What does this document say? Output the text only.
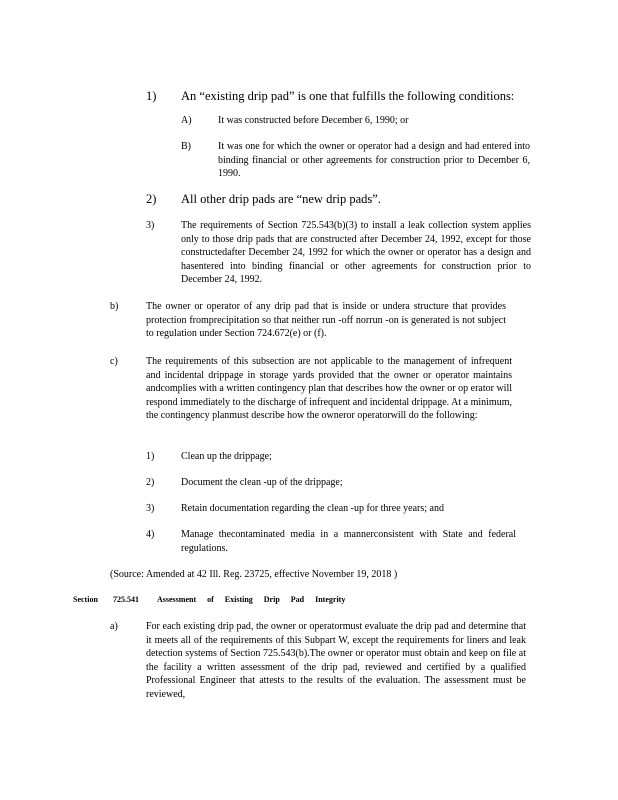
1) An “existing drip pad” is one that fulfills the following conditions:
A)	It was constructed before December 6, 1990; or
B)	It was one for which the owner or operator had a design and had entered into binding financial or other agreements for construction prior to December 6, 1990.
2) All other drip pads are “new drip pads”.
3)	The requirements of Section 725.543(b)(3) to install a leak collection system applies only to those drip pads that are constructed after December 24, 1992, except for those constructedafter December 24, 1992 for which the owner or operator has a design and hasentered into binding financial or other agreements for construction prior to December 24, 1992.
b)	The owner or operator of any drip pad that is inside or undera structure that provides protection fromprecipitation so that neither run -off norrun -on is generated is not subject to regulation under Section 724.672(e) or (f).
c)	The requirements of this subsection are not applicable to the management of infrequent and incidental drippage in storage yards provided that the owner or operator maintains andcomplies with a written contingency plan that describes how the owner or op erator will respond immediately to the discharge of infrequent and incidental drippage. At a minimum, the contingency planmust describe how the owneror operatorwill do the following:
1)	Clean up the drippage;
2)	Document the clean -up of the drippage;
3)	Retain documentation regarding the clean -up for three years; and
4)	Manage thecontaminated media in a mannerconsistent with State and federal regulations.
(Source: Amended at 42 Ill. Reg. 23725, effective November 19, 2018 )
Section 725.541 Assessment of Existing Drip Pad Integrity
a)	For each existing drip pad, the owner or operatormust evaluate the drip pad and determine that it meets all of the requirements of this Subpart W, except the requirements for liners and leak detection systems of Section 725.543(b).The owner or operator must obtain and keep on file at the facility a written assessment of the drip pad, reviewed and certified by a qualified Professional Engineer that attests to the results of the evaluation. The assessment must be reviewed,
